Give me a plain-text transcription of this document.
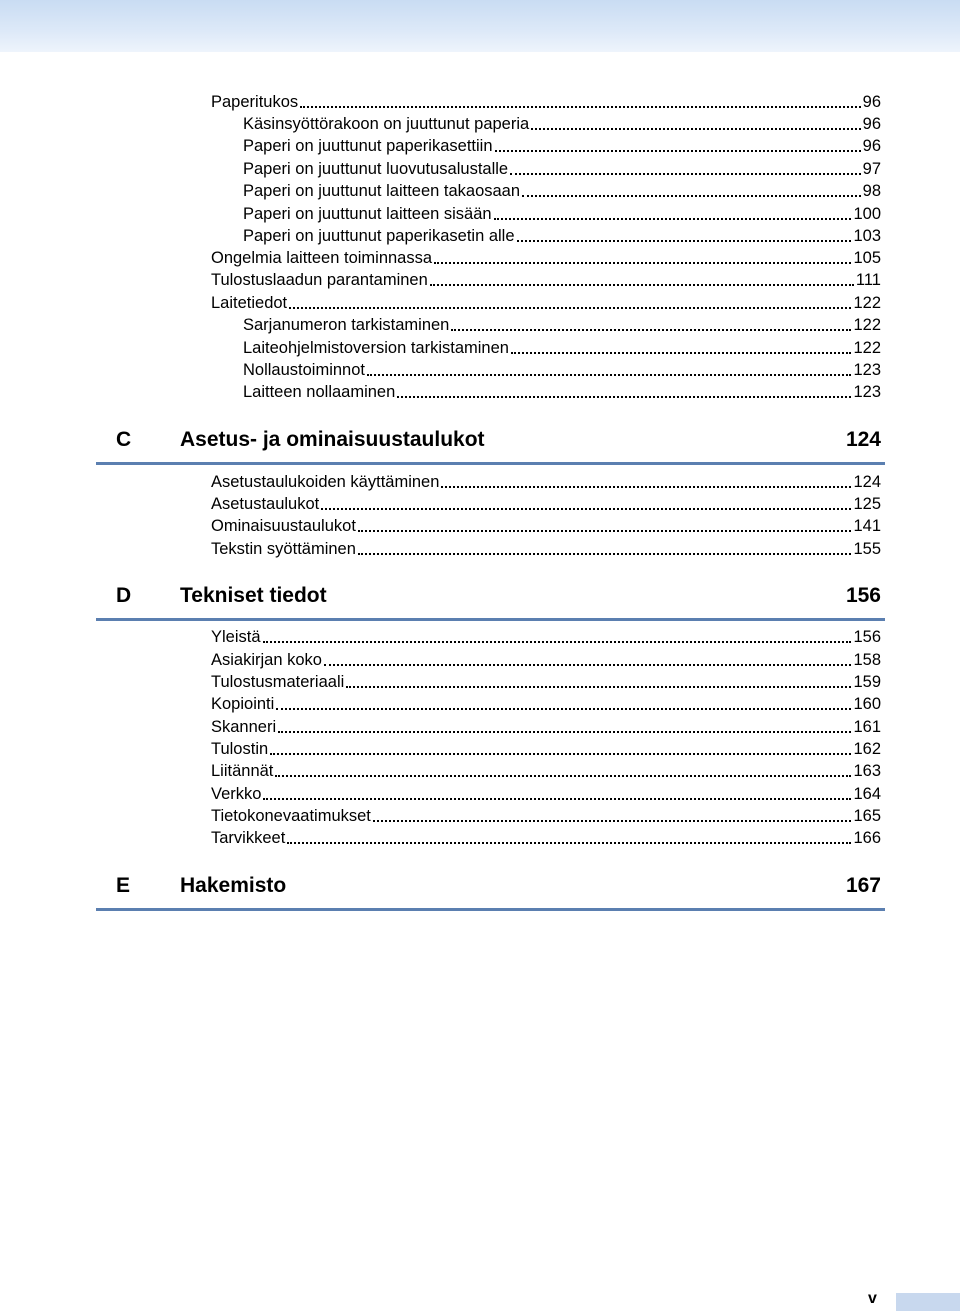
Paperitukos	96
Käsinsyöttörakoon on juuttunut paperia	96
Paperi on juuttunut paperikasettiin	96
Paperi on juuttunut luovutusalustalle	97
Paperi on juuttunut laitteen takaosaan	98
Paperi on juuttunut laitteen sisään	100
Paperi on juuttunut paperikasetin alle	103
Ongelmia laitteen toiminnassa	105
Tulostuslaadun parantaminen	111
Laitetiedot	122
Sarjanumeron tarkistaminen	122
Laiteohjelmistoversion tarkistaminen	122
Nollaustoiminnot	123
Laitteen nollaaminen	123
C Asetus- ja ominaisuustaulukot	124
Asetustaulukoiden käyttäminen	124
Asetustaulukot	125
Ominaisuustaulukot	141
Tekstin syöttäminen	155
D Tekniset tiedot	156
Yleistä	156
Asiakirjan koko	158
Tulostusmateriaali	159
Kopiointi	160
Skanneri	161
Tulostin	162
Liitännät	163
Verkko	164
Tietokonevaatimukset	165
Tarvikkeet	166
E Hakemisto	167
v
